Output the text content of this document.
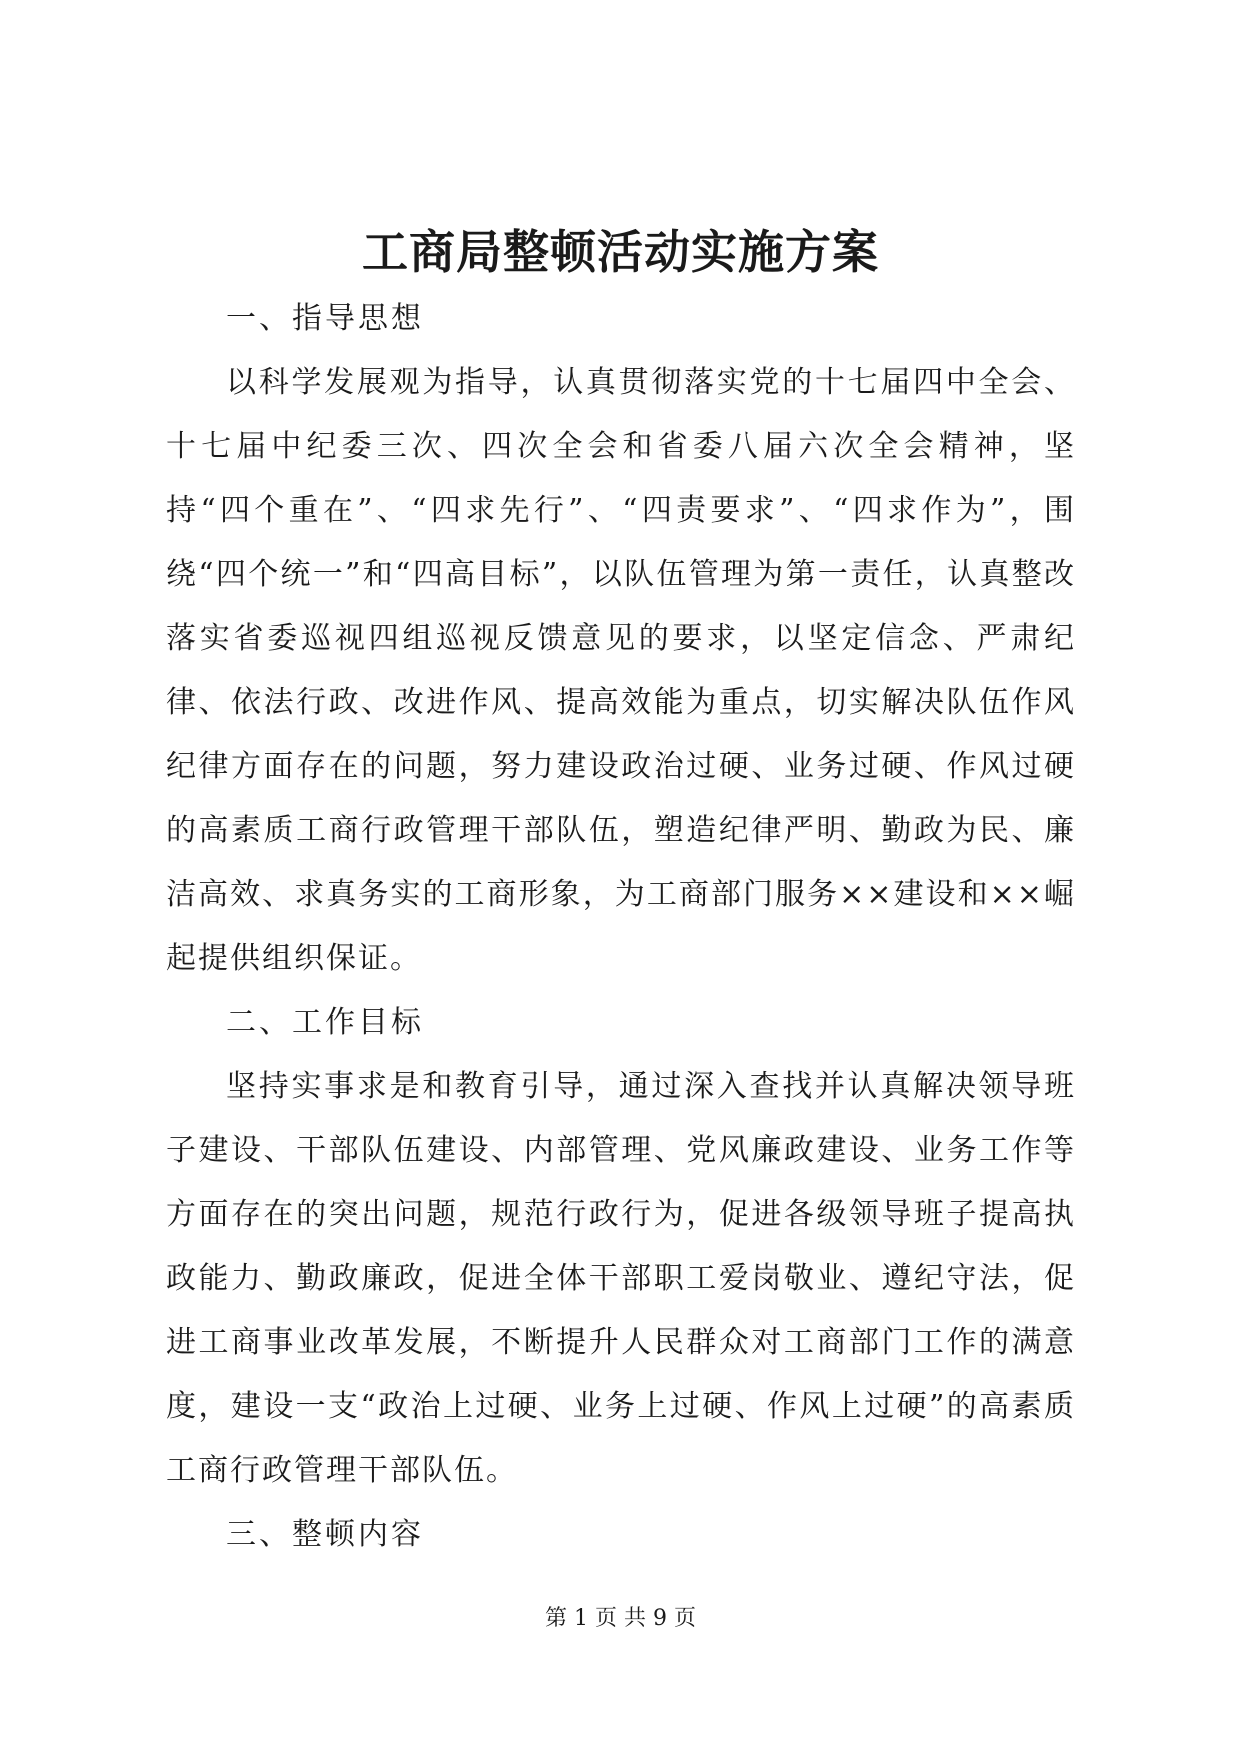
工商局整顿活动实施方案

一、指导思想

以科学发展观为指导，认真贯彻落实党的十七届四中全会、十七届中纪委三次、四次全会和省委八届六次全会精神，坚持“四个重在”、“四求先行”、“四责要求”、“四求作为”，围绕“四个统一”和“四高目标”，以队伍管理为第一责任，认真整改落实省委巡视四组巡视反馈意见的要求，以坚定信念、严肃纪律、依法行政、改进作风、提高效能为重点，切实解决队伍作风纪律方面存在的问题，努力建设政治过硬、业务过硬、作风过硬的高素质工商行政管理干部队伍，塑造纪律严明、勤政为民、廉洁高效、求真务实的工商形象，为工商部门服务××建设和××崛起提供组织保证。

二、工作目标

坚持实事求是和教育引导，通过深入查找并认真解决领导班子建设、干部队伍建设、内部管理、党风廉政建设、业务工作等方面存在的突出问题，规范行政行为，促进各级领导班子提高执政能力、勤政廉政，促进全体干部职工爱岗敬业、遵纪守法，促进工商事业改革发展，不断提升人民群众对工商部门工作的满意度，建设一支“政治上过硬、业务上过硬、作风上过硬”的高素质工商行政管理干部队伍。

三、整顿内容

第 1 页 共 9 页
